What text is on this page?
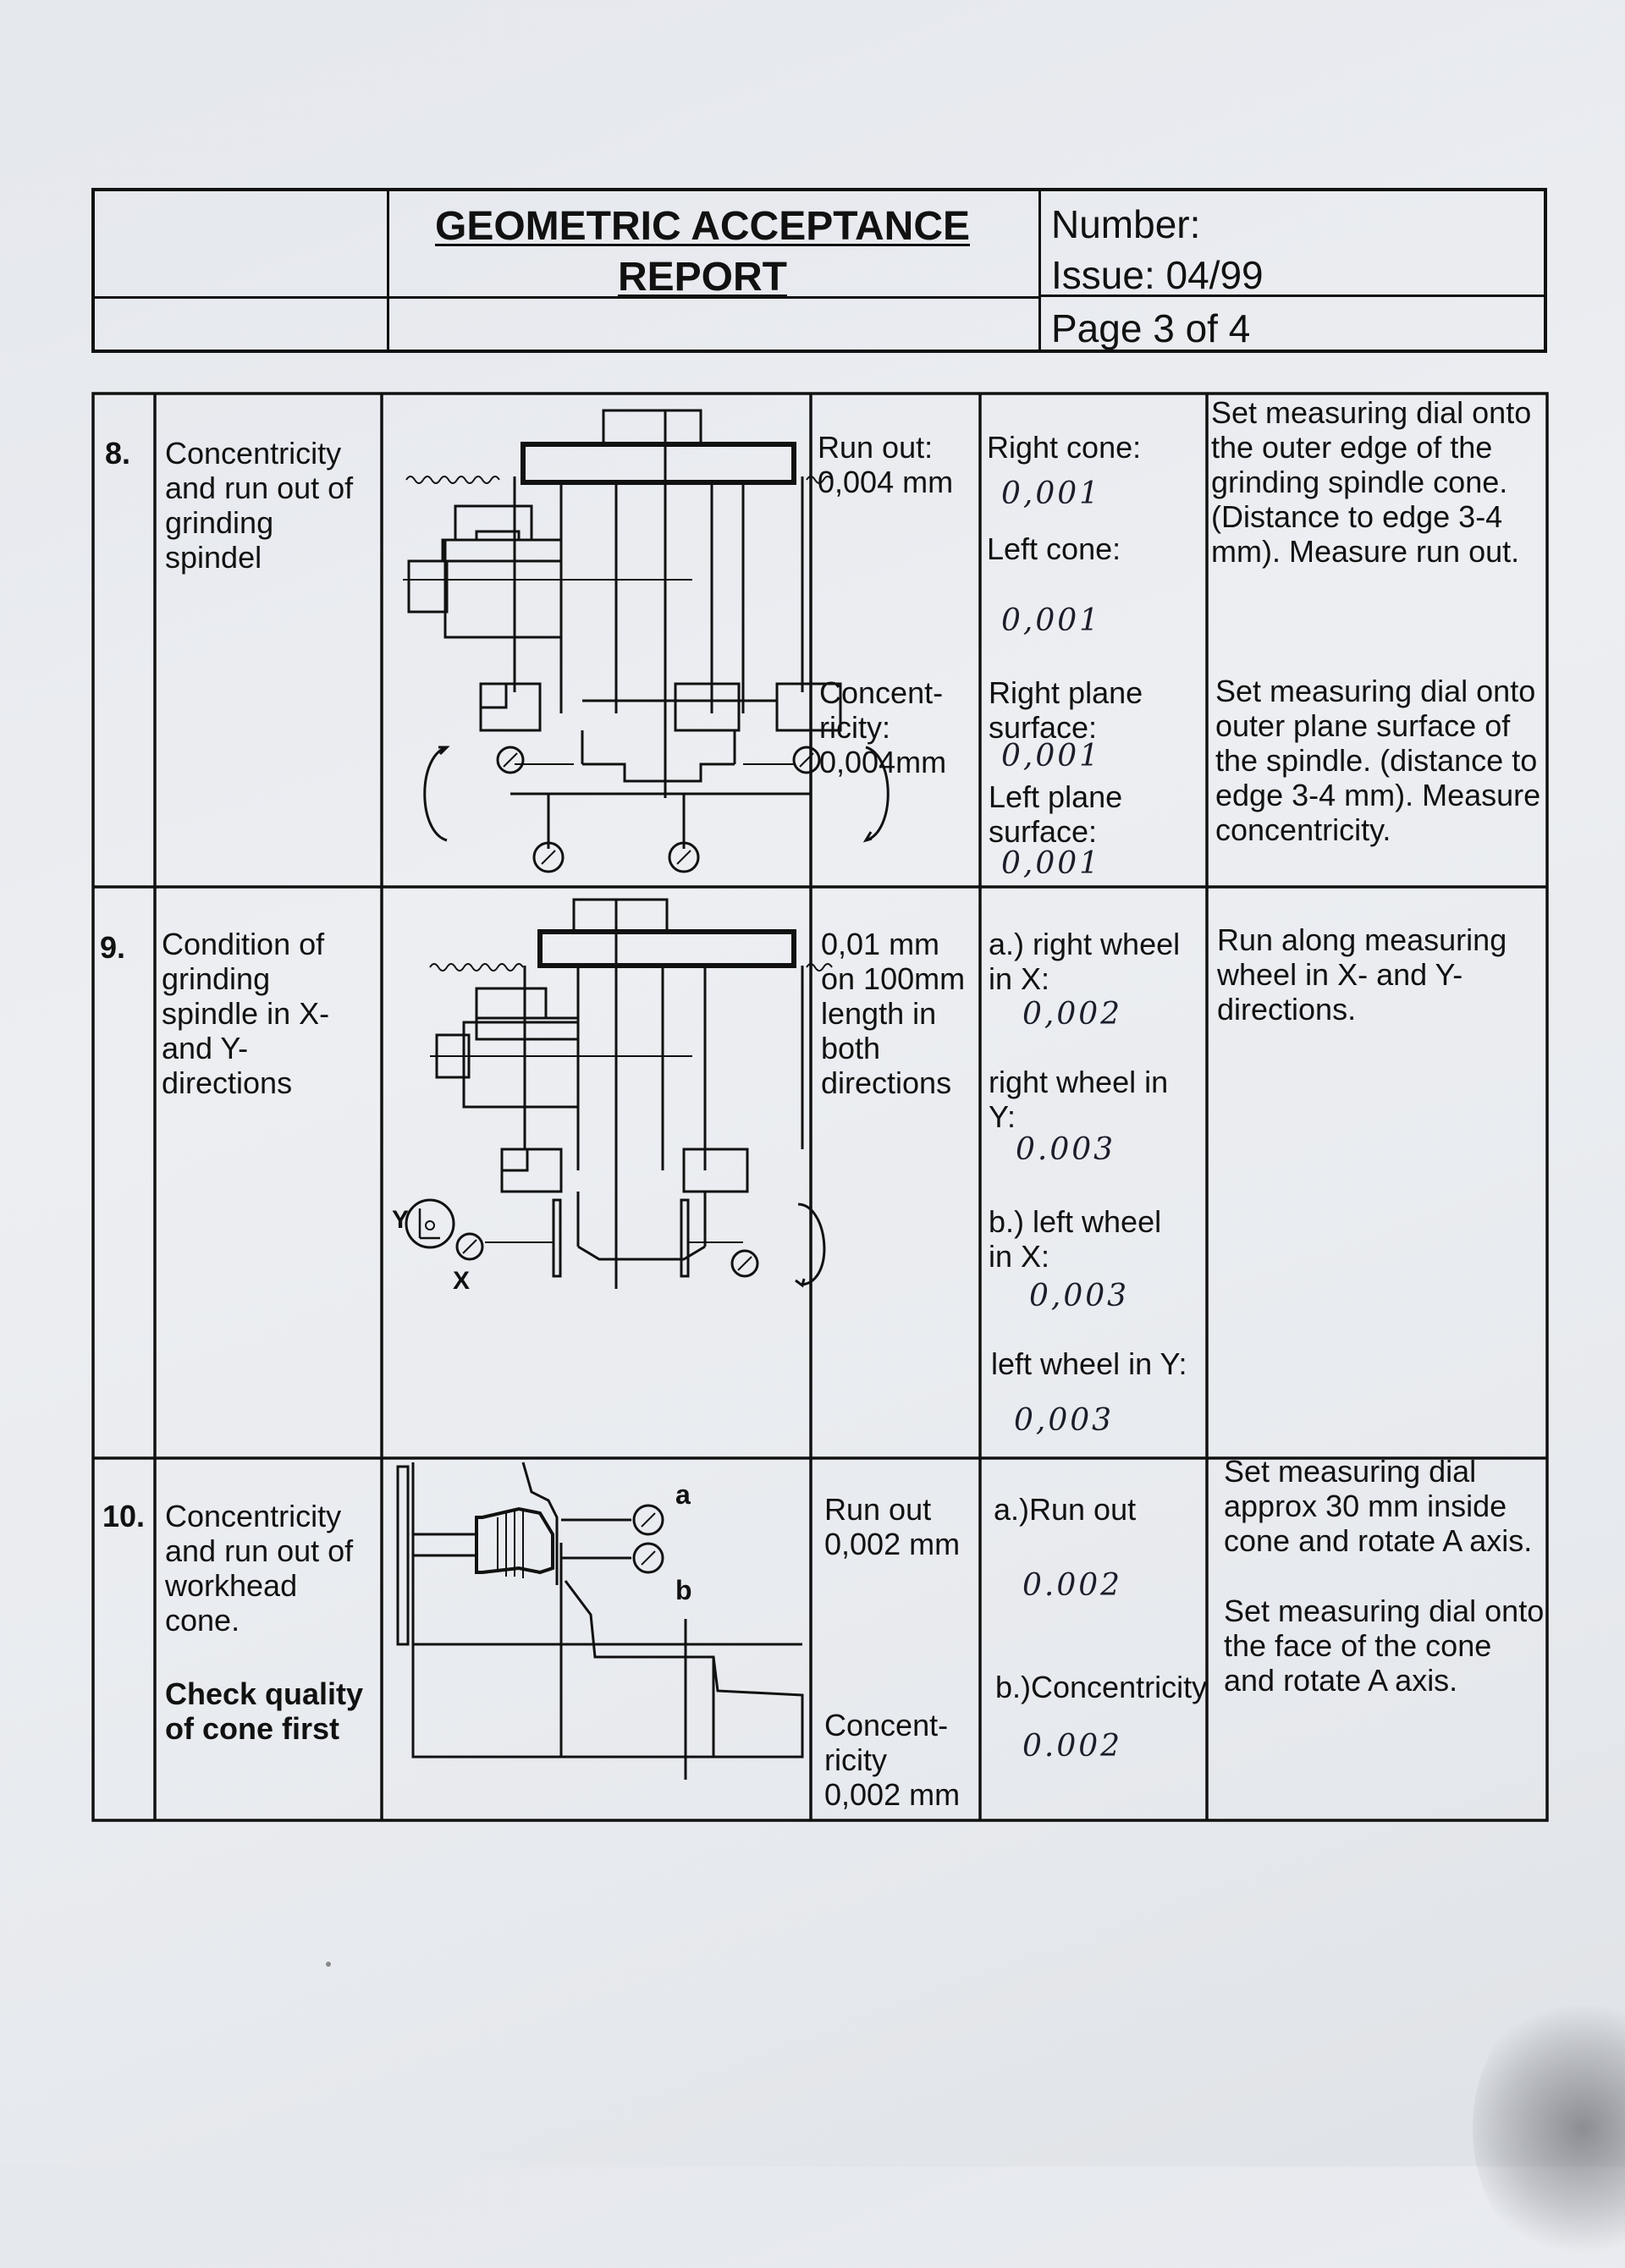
GEOMETRIC ACCEPTANCE
REPORT
Number:
Issue: 04/99
Page 3 of 4
8. Concentricity and run out of grinding spindel
Run out: 0,004 mm
Concent-ricity: 0,004mm
Right cone:
0,001
Left cone:
0,001
Right plane surface:
0,001
Left plane surface:
0,001
Set measuring dial onto the outer edge of the grinding spindle cone. (Distance to edge 3-4 mm). Measure run out.
Set measuring dial onto outer plane surface of the spindle. (distance to edge 3-4 mm). Measure concentricity.
9. Condition of grinding spindle in X- and Y- directions
Y
X
0,01 mm on 100mm length in both directions
a.) right wheel in X:
0,002
right wheel in Y:
0.003
b.) left wheel in X:
0,003
left wheel in Y:
0,003
Run along measuring wheel in X- and Y- directions.
10. Concentricity and run out of workhead cone.
Check quality of cone first
a
b
Run out 0,002 mm
Concent-ricity 0,002 mm
a.)Run out
0.002
b.)Concentricity
0.002
Set measuring dial approx 30 mm inside cone and rotate A axis.
Set measuring dial onto the face of the cone and rotate A axis.
